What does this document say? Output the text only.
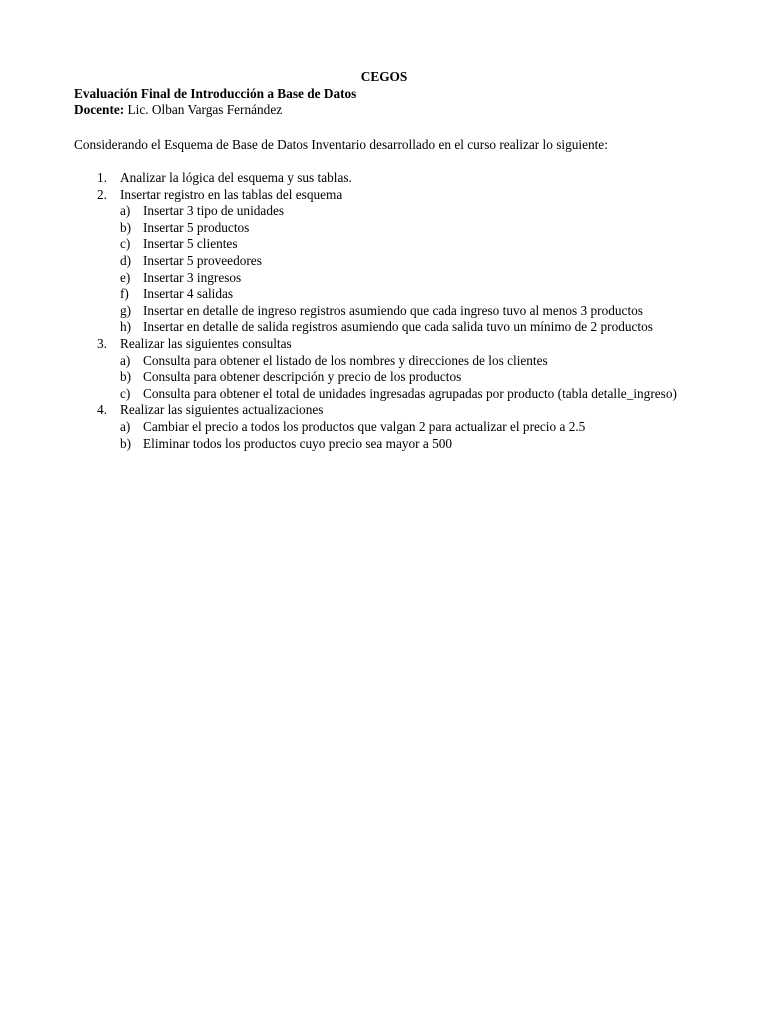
CEGOS
Evaluación Final de Introducción a Base de Datos
Docente: Lic. Olban Vargas Fernández
Considerando el Esquema de Base de Datos Inventario desarrollado en el curso realizar lo siguiente:
1. Analizar la lógica del esquema y sus tablas.
2. Insertar registro en las tablas del esquema
a) Insertar 3 tipo de unidades
b) Insertar 5 productos
c) Insertar 5 clientes
d) Insertar 5 proveedores
e) Insertar 3 ingresos
f) Insertar 4 salidas
g) Insertar en detalle de ingreso registros asumiendo que cada ingreso tuvo al menos 3 productos
h) Insertar en detalle de salida registros asumiendo que cada salida tuvo un mínimo de 2 productos
3. Realizar las siguientes consultas
a) Consulta para obtener el listado de los nombres y direcciones de los clientes
b) Consulta para obtener descripción y precio de los productos
c) Consulta para obtener el total de unidades ingresadas agrupadas por producto (tabla detalle_ingreso)
4. Realizar las siguientes actualizaciones
a) Cambiar el precio a todos los productos que valgan 2 para actualizar el precio a 2.5
b) Eliminar todos los productos cuyo precio sea mayor a 500
